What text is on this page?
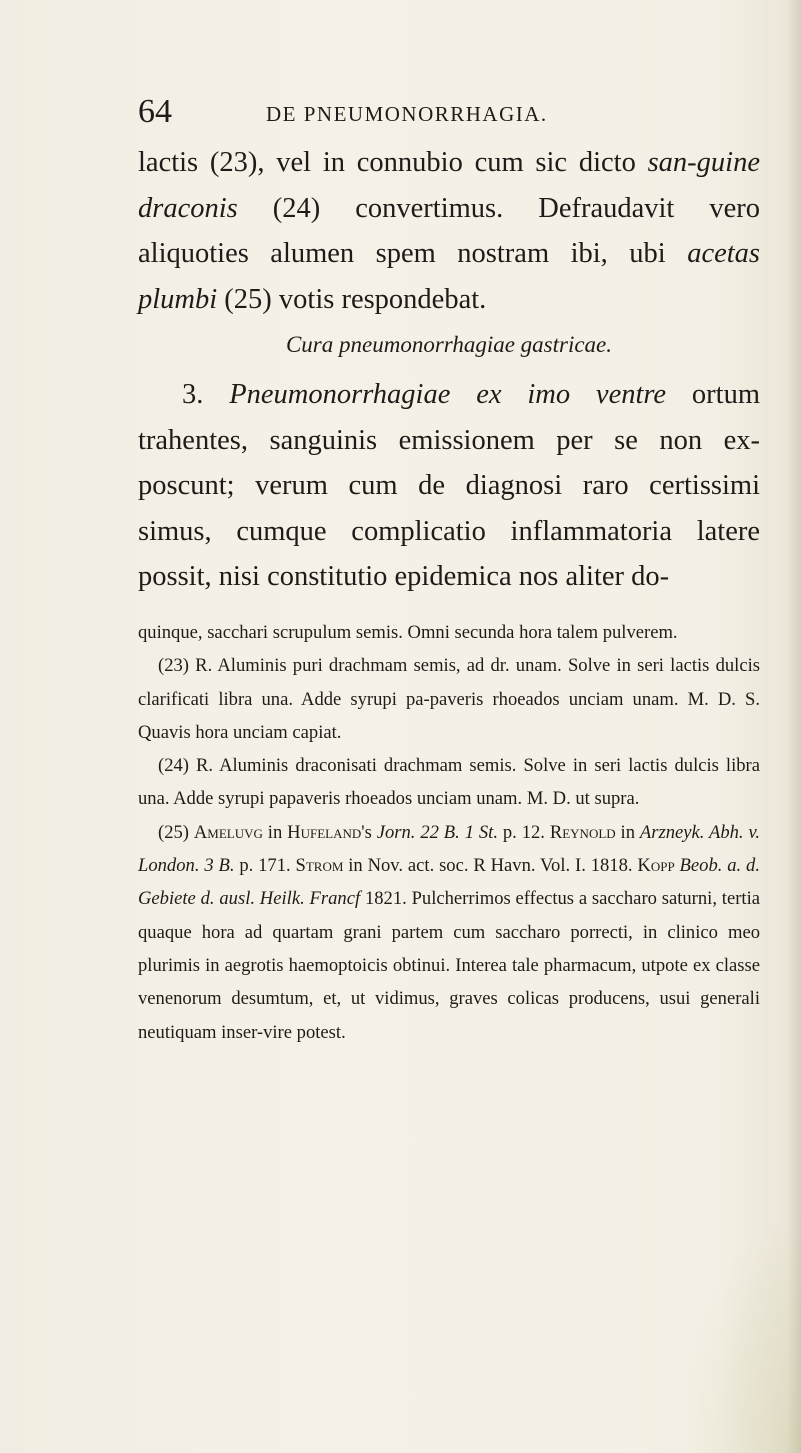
64	DE PNEUMONORRHAGIA.

lactis (23), vel in connubio cum sic dicto san-guine draconis (24) convertimus. Defraudavit vero aliquoties alumen spem nostram ibi, ubi acetas plumbi (25) votis respondebat.

Cura pneumonorrhagiae gastricae.

3. Pneumonorrhagiae ex imo ventre ortum trahentes, sanguinis emissionem per se non ex-poscunt; verum cum de diagnosi raro certissimi simus, cumque complicatio inflammatoria latere possit, nisi constitutio epidemica nos aliter do-

quinque, sacchari scrupulum semis. Omni secunda hora talem pulverem.

(23) R. Aluminis puri drachmam semis, ad dr. unam. Solve in seri lactis dulcis clarificati libra una. Adde syrupi pa-paveris rhoeados unciam unam. M. D. S. Quavis hora unciam capiat.

(24) R. Aluminis draconisati drachmam semis. Solve in seri lactis dulcis libra una. Adde syrupi papaveris rhoeados unciam unam. M. D. ut supra.

(25) Ameluvg in Hufeland's Jorn. 22 B. 1 St. p. 12. Reynold in Arzneyk. Abh. v. London. 3 B. p. 171. Strom in Nov. act. soc. R Havn. Vol. I. 1818. Kopp Beob. a. d. Gebiete d. ausl. Heilk. Francf 1821. Pulcherrimos effectus a saccharo saturni, tertia quaque hora ad quartam grani partem cum saccharo porrecti, in clinico meo plurimis in aegrotis haemoptoicis obtinui. Interea tale pharmacum, utpote ex classe venenorum desumtum, et, ut vidimus, graves colicas producens, usui generali neutiquam inser-vire potest.
